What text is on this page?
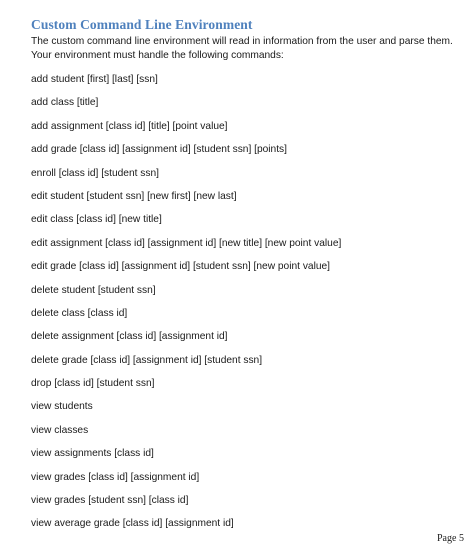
Custom Command Line Environment
The custom command line environment will read in information from the user and parse them. Your environment must handle the following commands:
add student [first] [last] [ssn]
add class [title]
add assignment [class id] [title] [point value]
add grade [class id] [assignment id] [student ssn] [points]
enroll [class id] [student ssn]
edit student [student ssn] [new first] [new last]
edit class [class id] [new title]
edit assignment [class id] [assignment id] [new title] [new point value]
edit grade [class id] [assignment id] [student ssn] [new point value]
delete student [student ssn]
delete class [class id]
delete assignment [class id] [assignment id]
delete grade [class id] [assignment id] [student ssn]
drop [class id] [student ssn]
view students
view classes
view assignments [class id]
view grades [class id] [assignment id]
view grades [student ssn] [class id]
view average grade [class id] [assignment id]
Page 5
